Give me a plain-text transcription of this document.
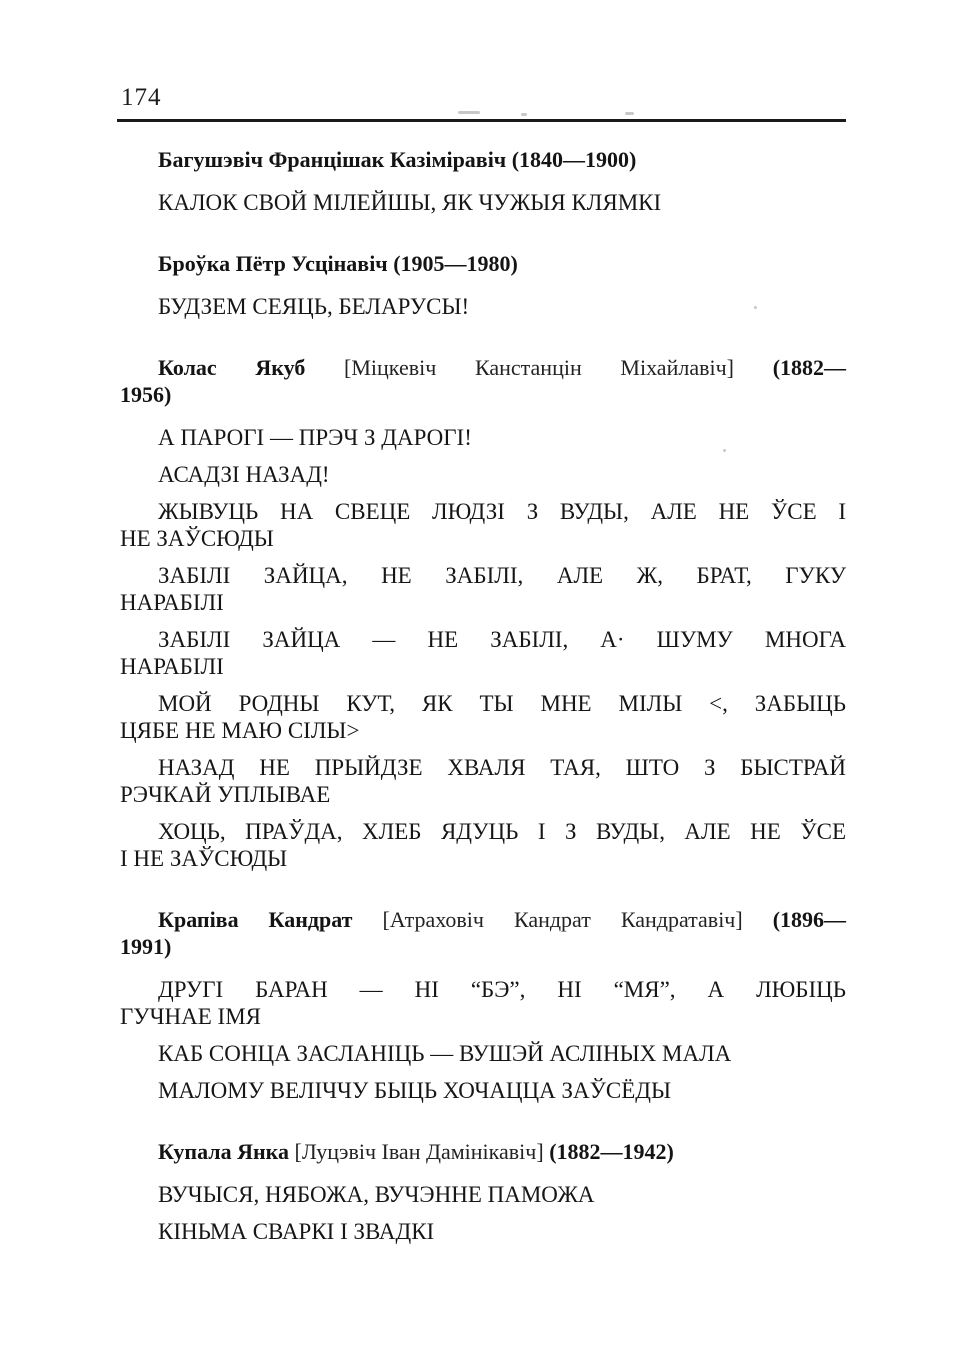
174
Багушэвіч Францішак Казіміравіч (1840—1900)
КАЛОК СВОЙ МІЛЕЙШЫ, ЯК ЧУЖЫЯ КЛЯМКІ
Броўка Пётр Усцінавіч (1905—1980)
БУДЗЕМ СЕЯЦЬ, БЕЛАРУСЫ!
Колас Якуб [Міцкевіч Канстанцін Міхайлавіч] (1882—
1956)
А ПАРОГІ — ПРЭЧ З ДАРОГІ!
АСАДЗІ НАЗАД!
ЖЫВУЦЬ НА СВЕЦЕ ЛЮДЗІ З ВУДЫ, АЛЕ НЕ ЎСЕ І
НЕ ЗАЎСЮДЫ
ЗАБІЛІ ЗАЙЦА, НЕ ЗАБІЛІ, АЛЕ Ж, БРАТ, ГУКУ
НАРАБІЛІ
ЗАБІЛІ ЗАЙЦА — НЕ ЗАБІЛІ, А· ШУМУ МНОГА
НАРАБІЛІ
МОЙ РОДНЫ КУТ, ЯК ТЫ МНЕ МІЛЫ <, ЗАБЫЦЬ
ЦЯБЕ НЕ МАЮ СІЛЫ>
НАЗАД НЕ ПРЫЙДЗЕ ХВАЛЯ ТАЯ, ШТО З БЫСТРАЙ
РЭЧКАЙ УПЛЫВАЕ
ХОЦЬ, ПРАЎДА, ХЛЕБ ЯДУЦЬ І З ВУДЫ, АЛЕ НЕ ЎСЕ
І НЕ ЗАЎСЮДЫ
Крапіва Кандрат [Атраховіч Кандрат Кандратавіч] (1896—
1991)
ДРУГІ БАРАН — НІ “БЭ”, НІ “МЯ”, А ЛЮБІЦЬ
ГУЧНАЕ ІМЯ
КАБ СОНЦА ЗАСЛАНІЦЬ — ВУШЭЙ АСЛІНЫХ МАЛА
МАЛОМУ ВЕЛІЧЧУ БЫЦЬ ХОЧАЦЦА ЗАЎСЁДЫ
Купала Янка [Луцэвіч Іван Дамінікавіч] (1882—1942)
ВУЧЫСЯ, НЯБОЖА, ВУЧЭННЕ ПАМОЖА
КІНЬМА СВАРКІ І ЗВАДКІ
